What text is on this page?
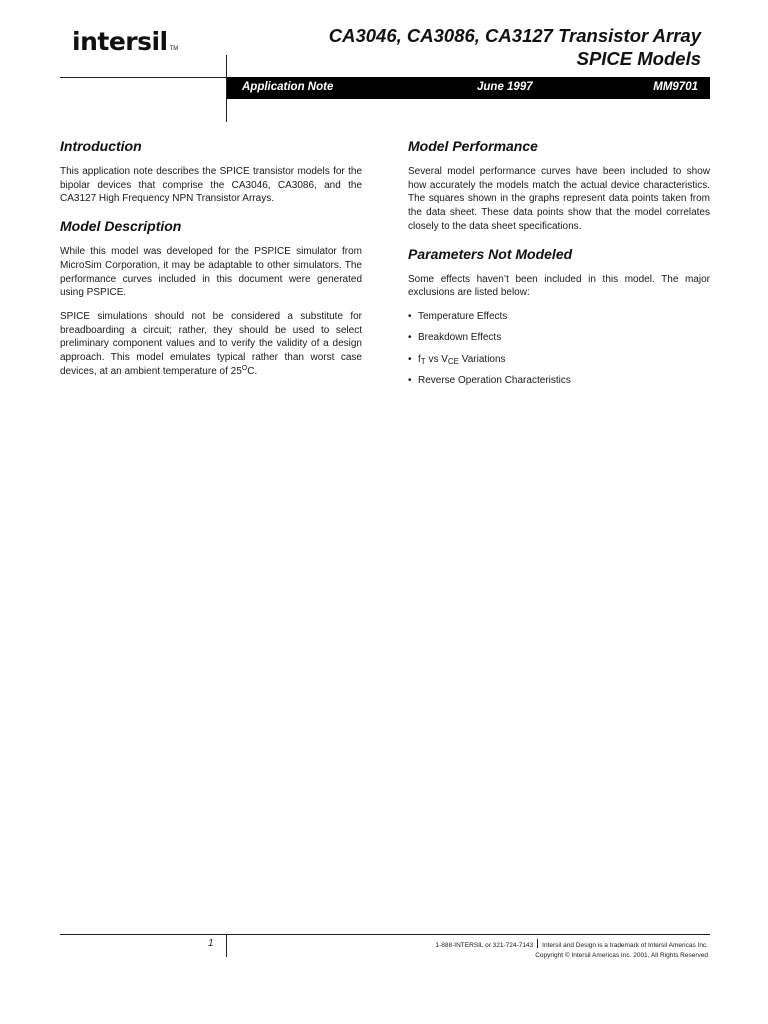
intersil TM
CA3046, CA3086, CA3127 Transistor Array
SPICE Models
Application Note	June 1997	MM9701
Introduction

This application note describes the SPICE transistor models for the bipolar devices that comprise the CA3046, CA3086, and the CA3127 High Frequency NPN Transistor Arrays.

Model Description

While this model was developed for the PSPICE simulator from MicroSim Corporation, it may be adaptable to other simulators. The performance curves included in this document were generated using PSPICE.

SPICE simulations should not be considered a substitute for breadboarding a circuit; rather, they should be used to select preliminary component values and to verify the validity of a design approach. This model emulates typical rather than worst case devices, at an ambient temperature of $25^OC$.

Model Performance

Several model performance curves have been included to show how accurately the models match the actual device characteristics. The squares shown in the graphs represent data points taken from the data sheet. These data points show that the model correlates closely to the data sheet specifications.

Parameters Not Modeled

Some effects haven’t been included in this model. The major exclusions are listed below:

• Temperature Effects
• Breakdown Effects
• $f_T$ vs $V_{CE}$ Variations
• Reverse Operation Characteristics
1	1-888-INTERSIL or 321-724-7143 Intersil and Design is a trademark of Intersil Americas Inc.
Copyright © Intersil Americas Inc. 2001, All Rights Reserved
